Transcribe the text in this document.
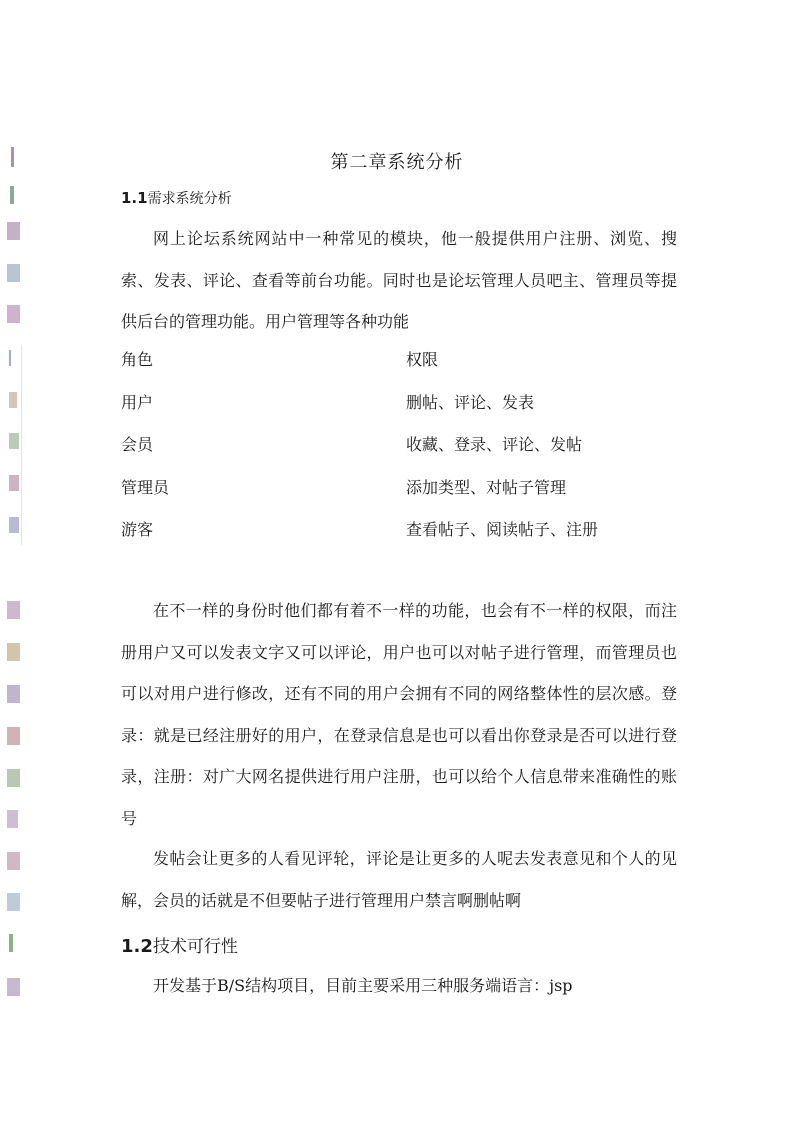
第二章系统分析
1.1需求系统分析

网上论坛系统网站中一种常见的模块，他一般提供用户注册、浏览、搜索、发表、评论、查看等前台功能。同时也是论坛管理人员吧主、管理员等提供后台的管理功能。用户管理等各种功能

角色	权限
用户	删帖、评论、发表
会员	收藏、登录、评论、发帖
管理员	添加类型、对帖子管理
游客	查看帖子、阅读帖子、注册

在不一样的身份时他们都有着不一样的功能，也会有不一样的权限，而注册用户又可以发表文字又可以评论，用户也可以对帖子进行管理，而管理员也可以对用户进行修改，还有不同的用户会拥有不同的网络整体性的层次感。登录：就是已经注册好的用户，在登录信息是也可以看出你登录是否可以进行登录，注册：对广大网名提供进行用户注册，也可以给个人信息带来准确性的账号

发帖会让更多的人看见评轮，评论是让更多的人呢去发表意见和个人的见解，会员的话就是不但要帖子进行管理用户禁言啊删帖啊

1.2技术可行性

开发基于B/S结构项目，目前主要采用三种服务端语言：jsp
